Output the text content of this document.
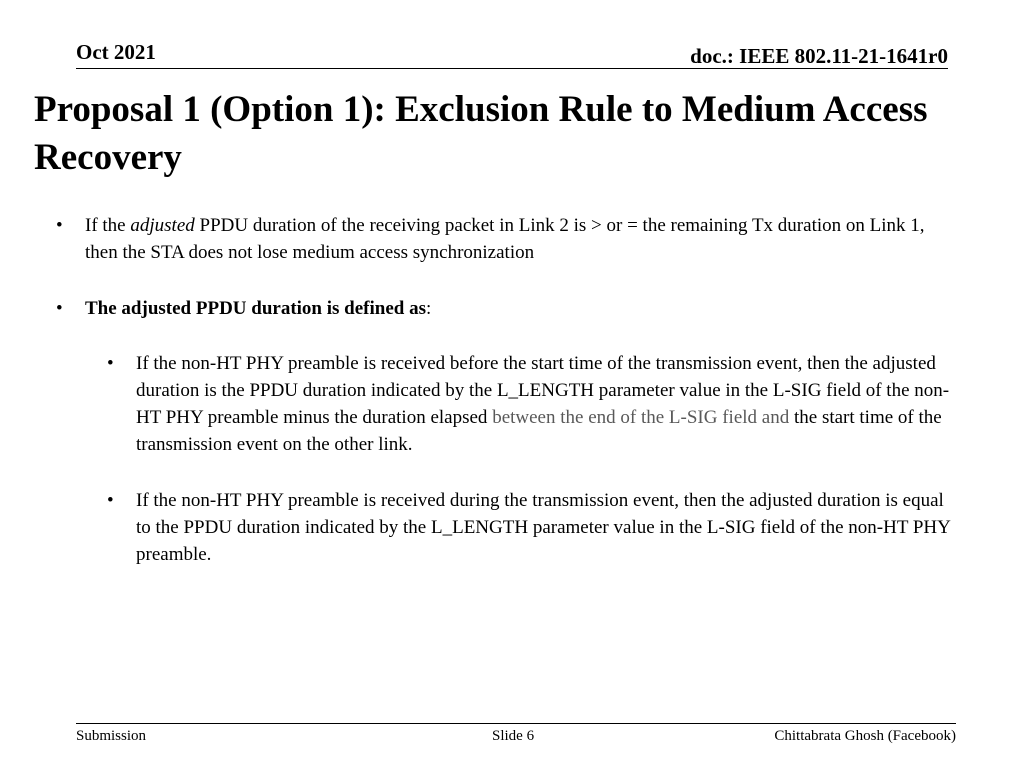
Oct 2021	doc.: IEEE 802.11-21-1641r0
Proposal 1 (Option 1): Exclusion Rule to Medium Access Recovery
• If the adjusted PPDU duration of the receiving packet in Link 2 is > or = the remaining Tx duration on Link 1, then the STA does not lose medium access synchronization
• The adjusted PPDU duration is defined as:
• If the non-HT PHY preamble is received before the start time of the transmission event, then the adjusted duration is the PPDU duration indicated by the L_LENGTH parameter value in the L-SIG field of the non-HT PHY preamble minus the duration elapsed between the end of the L-SIG field and the start time of the transmission event on the other link.
• If the non-HT PHY preamble is received during the transmission event, then the adjusted duration is equal to the PPDU duration indicated by the L_LENGTH parameter value in the L-SIG field of the non-HT PHY preamble.
Submission	Slide 6	Chittabrata Ghosh (Facebook)
